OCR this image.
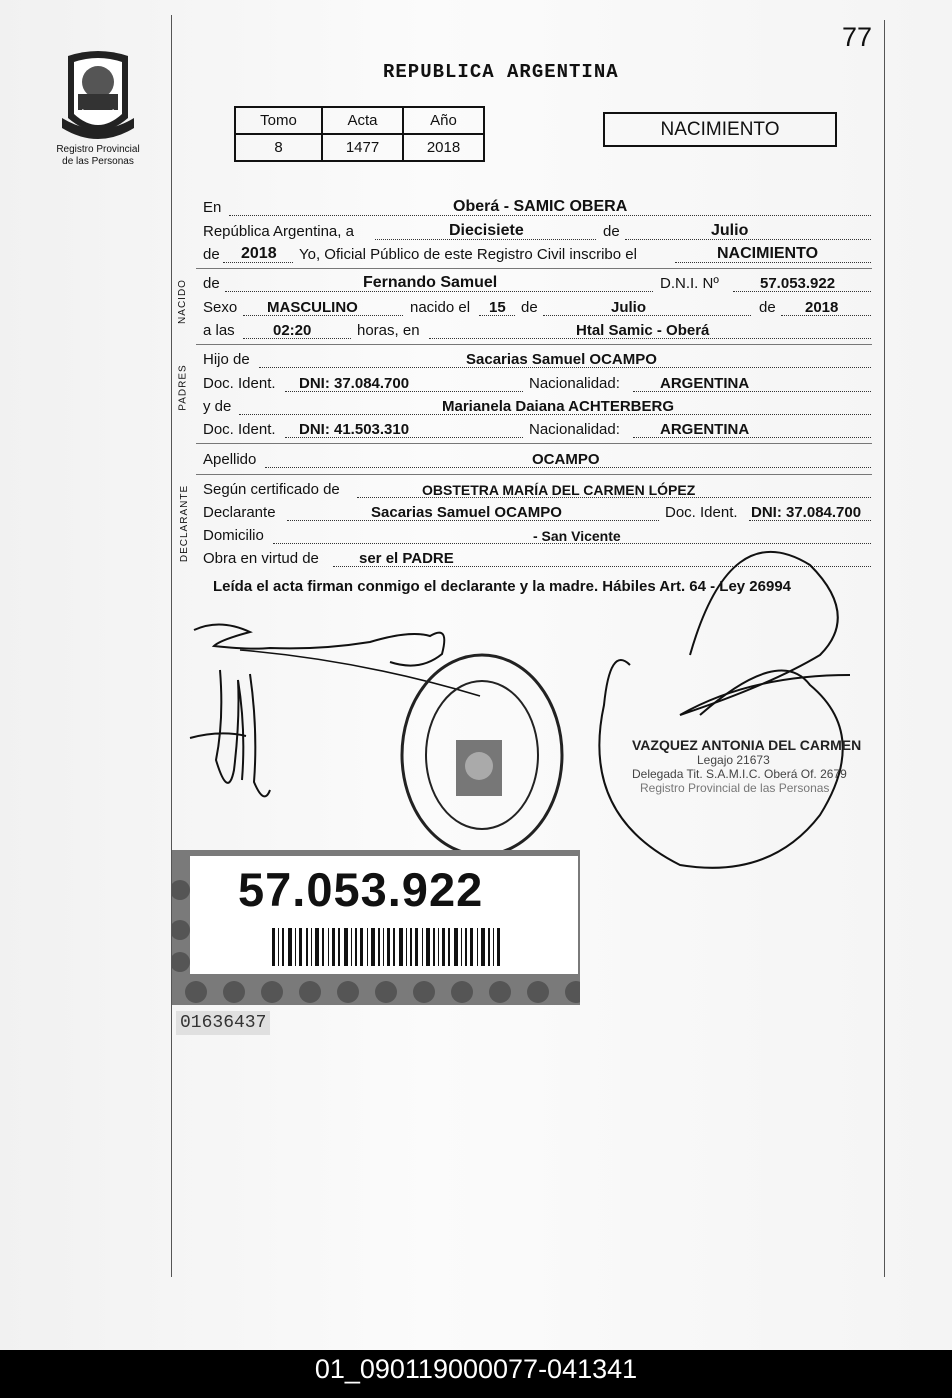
77
REPUBLICA ARGENTINA
Registro Provincial
de las Personas
Tomo	Acta	Año
8	1477	2018
NACIMIENTO
En	Oberá - SAMIC OBERA
República Argentina, a	Diecisiete	de	Julio
de 2018 Yo, Oficial Público de este Registro Civil inscribo el	NACIMIENTO
NACIDO de	Fernando Samuel	D.N.I. Nº	57.053.922
Sexo MASCULINO	nacido el 15 de	Julio	de 2018
a las	02:20	horas, en	Htal Samic - Oberá
PADRES
Hijo de	Sacarias Samuel OCAMPO
Doc. Ident. DNI: 37.084.700	Nacionalidad:	ARGENTINA
y de	Marianela Daiana ACHTERBERG
Doc. Ident. DNI: 41.503.310	Nacionalidad:	ARGENTINA
Apellido	OCAMPO
DECLARANTE Según certificado de	OBSTETRA MARÍA DEL CARMEN LÓPEZ
Declarante	Sacarias Samuel OCAMPO	Doc. Ident. DNI: 37.084.700
Domicilio	- San Vicente
Obra en virtud de	ser el PADRE
Leída el acta firman conmigo el declarante y la madre. Hábiles Art. 64 - Ley 26994
VAZQUEZ ANTONIA DEL CARMEN
Legajo 21673
Delegada Tit. S.A.M.I.C. Oberá Of. 2679
Registro Provincial de las Personas
57.053.922
01636437
01_090119000077-041341
